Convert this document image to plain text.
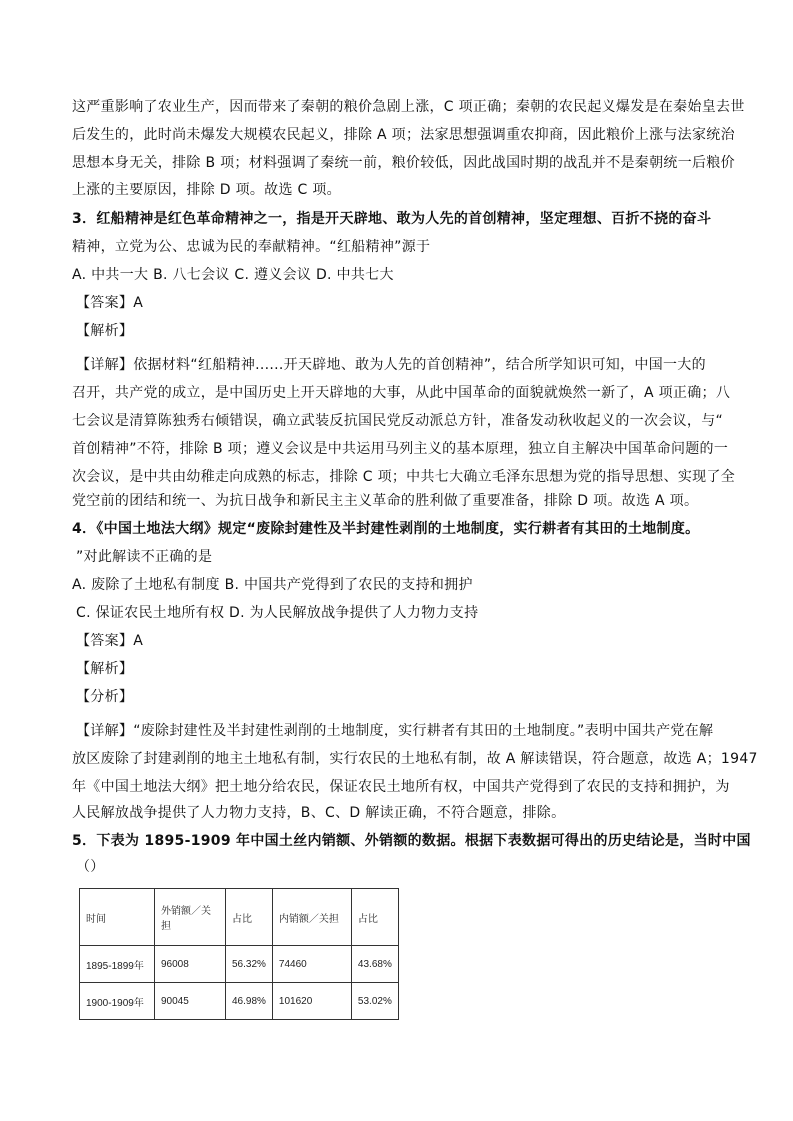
这严重影响了农业生产，因而带来了秦朝的粮价急剧上涨，C 项正确；秦朝的农民起义爆发是在秦始皇去世
后发生的，此时尚未爆发大规模农民起义，排除 A 项；法家思想强调重农抑商，因此粮价上涨与法家统治
思想本身无关，排除 B 项；材料强调了秦统一前，粮价较低，因此战国时期的战乱并不是秦朝统一后粮价
上涨的主要原因，排除 D 项。故选 C 项。
3．红船精神是红色革命精神之一，指是开天辟地、敢为人先的首创精神，坚定理想、百折不挠的奋斗
精神，立党为公、忠诚为民的奉献精神。“红船精神”源于
A. 中共一大 B. 八七会议 C. 遵义会议 D. 中共七大
【答案】A
【解析】
【详解】依据材料“红船精神......开天辟地、敢为人先的首创精神”，结合所学知识可知，中国一大的
召开，共产党的成立，是中国历史上开天辟地的大事，从此中国革命的面貌就焕然一新了，A 项正确；八
七会议是清算陈独秀右倾错误，确立武装反抗国民党反动派总方针，准备发动秋收起义的一次会议，与“
首创精神”不符，排除 B 项；遵义会议是中共运用马列主义的基本原理，独立自主解决中国革命问题的一
次会议，是中共由幼稚走向成熟的标志，排除 C 项；中共七大确立毛泽东思想为党的指导思想、实现了全
党空前的团结和统一、为抗日战争和新民主主义革命的胜利做了重要准备，排除 D 项。故选 A 项。
4．《中国土地法大纲》规定“废除封建性及半封建性剥削的土地制度，实行耕者有其田的土地制度。
”对此解读不正确的是
A. 废除了土地私有制度 B. 中国共产党得到了农民的支持和拥护
C. 保证农民土地所有权 D. 为人民解放战争提供了人力物力支持
【答案】A
【解析】
【分析】
【详解】“废除封建性及半封建性剥削的土地制度，实行耕者有其田的土地制度。”表明中国共产党在解
放区废除了封建剥削的地主土地私有制，实行农民的土地私有制，故 A 解读错误，符合题意，故选 A；1947
年《中国土地法大纲》把土地分给农民，保证农民土地所有权，中国共产党得到了农民的支持和拥护，为
人民解放战争提供了人力物力支持，B、C、D 解读正确，不符合题意，排除。
5．下表为 1895-1909 年中国土丝内销额、外销额的数据。根据下表数据可得出的历史结论是，当时中国
（）
时间	外销额／关担	占比	内销额／关担	占比
1895-1899年	96008	56.32%	74460	43.68%
1900-1909年	90045	46.98%	101620	53.02%
